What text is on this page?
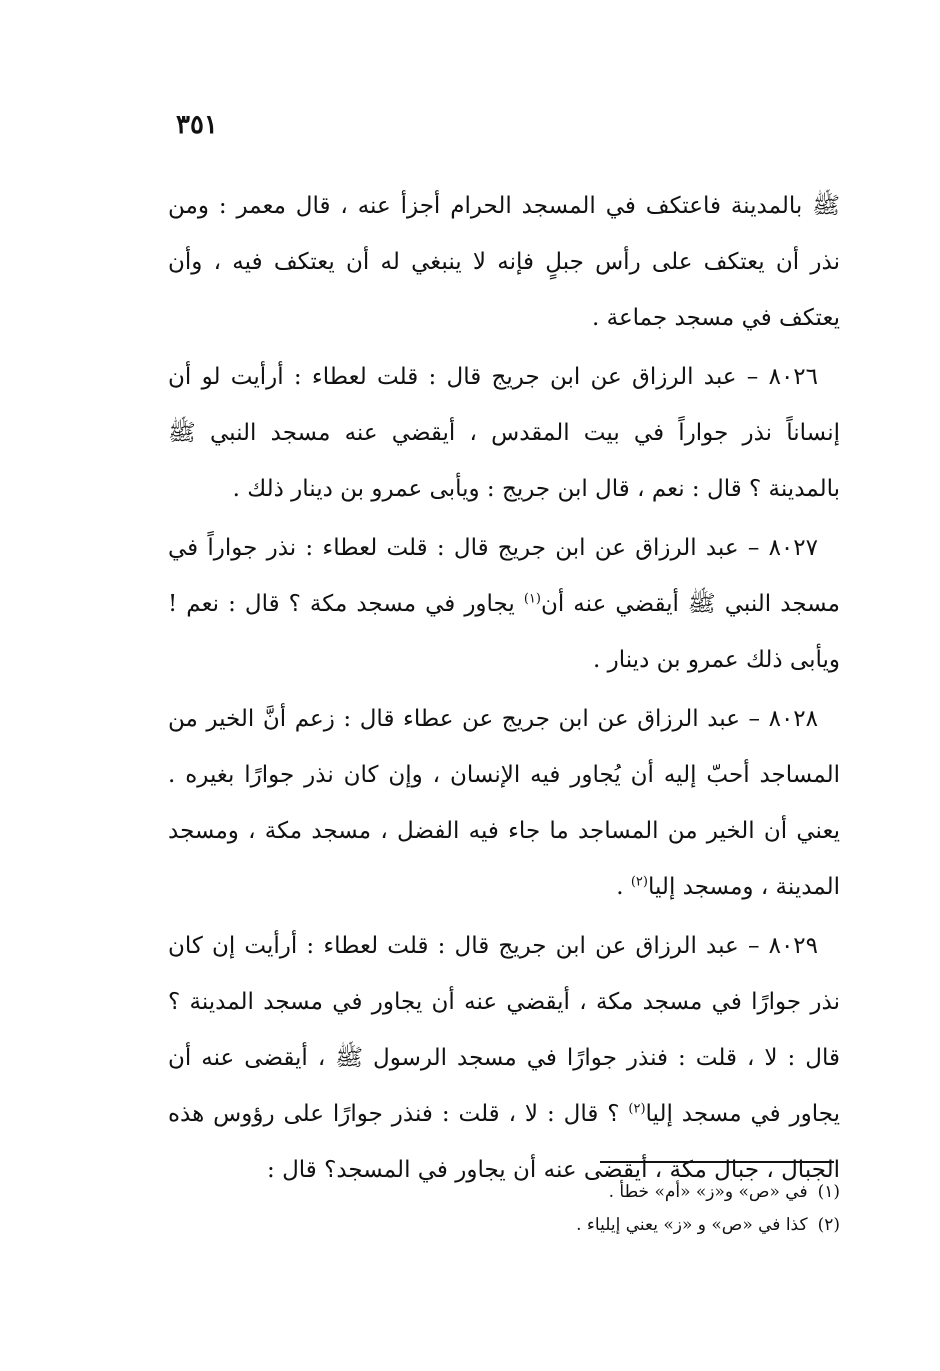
٣٥١

ﷺ بالمدينة فاعتكف في المسجد الحرام أجزأ عنه ، قال معمر : ومن نذر أن يعتكف على رأس جبلٍ فإنه لا ينبغي له أن يعتكف فيه ، وأن يعتكف في مسجد جماعة .

٨٠٢٦ – عبد الرزاق عن ابن جريج قال : قلت لعطاء : أرأيت لو أن إنساناً نذر جواراً في بيت المقدس ، أيقضي عنه مسجد النبي ﷺ بالمدينة ؟ قال : نعم ، قال ابن جريج : ويأبى عمرو بن دينار ذلك .

٨٠٢٧ – عبد الرزاق عن ابن جريج قال : قلت لعطاء : نذر جواراً في مسجد النبي ﷺ أيقضي عنه أن$^{(١)}$ يجاور في مسجد مكة ؟ قال : نعم ! ويأبى ذلك عمرو بن دينار .

٨٠٢٨ – عبد الرزاق عن ابن جريج عن عطاء قال : زعم أنَّ الخير من المساجد أحبّ إليه أن يُجاور فيه الإنسان ، وإن كان نذر جوارًا بغيره . يعني أن الخير من المساجد ما جاء فيه الفضل ، مسجد مكة ، ومسجد المدينة ، ومسجد إليا$^{(٢)}$ .

٨٠٢٩ – عبد الرزاق عن ابن جريج قال : قلت لعطاء : أرأيت إن كان نذر جوارًا في مسجد مكة ، أيقضي عنه أن يجاور في مسجد المدينة ؟ قال : لا ، قلت : فنذر جوارًا في مسجد الرسول ﷺ ، أيقضى عنه أن يجاور في مسجد إليا$^{(٢)}$ ؟ قال : لا ، قلت : فنذر جوارًا على رؤوس هذه الجبال ، جبال مكة ، أيقضى عنه أن يجاور في المسجد؟ قال :

(١)في «ص» و«ز» «أم» خطأ .

(٢)كذا في «ص» و «ز» يعني إيلياء .
